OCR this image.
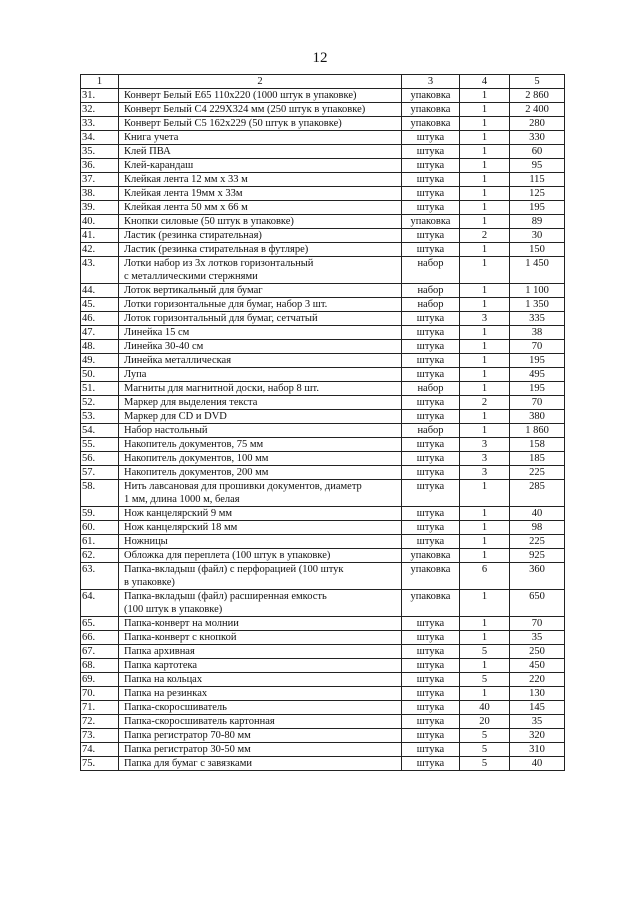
12
1	2	3	4	5

31.	Конверт Белый Е65 110х220 (1000 штук в упаковке)	упаковка	1	2 860

32.	Конверт Белый С4 229Х324 мм (250 штук в упаковке)	упаковка	1	2 400

33.	Конверт Белый С5 162х229 (50 штук в упаковке)	упаковка	1	280

34.	Книга учета	штука	1	330

35.	Клей ПВА	штука	1	60

36.	Клей-карандаш	штука	1	95

37.	Клейкая лента 12 мм х 33 м	штука	1	115

38.	Клейкая лента 19мм х 33м	штука	1	125

39.	Клейкая лента 50 мм х 66 м	штука	1	195

40.	Кнопки силовые (50 штук в упаковке)	упаковка	1	89

41.	Ластик (резинка стирательная)	штука	2	30

42.	Ластик (резинка стирательная в футляре)	штука	1	150

43.	Лотки набор из 3х лотков горизонтальный
с металлическими стержнями	набор	1	1 450

44.	Лоток вертикальный для бумаг	набор	1	1 100

45.	Лотки горизонтальные для бумаг, набор 3 шт.	набор	1	1 350

46.	Лоток горизонтальный для бумаг, сетчатый	штука	3	335

47.	Линейка 15 см	штука	1	38

48.	Линейка 30-40 см	штука	1	70

49.	Линейка металлическая	штука	1	195

50.	Лупа	штука	1	495

51.	Магниты для магнитной доски, набор 8 шт.	набор	1	195

52.	Маркер для выделения текста	штука	2	70

53.	Маркер для CD и DVD	штука	1	380

54.	Набор настольный	набор	1	1 860

55.	Накопитель документов, 75 мм	штука	3	158

56.	Накопитель документов, 100 мм	штука	3	185

57.	Накопитель документов, 200 мм	штука	3	225

58.	Нить лавсановая для прошивки документов, диаметр
1 мм, длина 1000 м, белая	штука	1	285

59.	Нож канцелярский 9 мм	штука	1	40

60.	Нож канцелярский 18 мм	штука	1	98

61.	Ножницы	штука	1	225

62.	Обложка для переплета (100 штук в упаковке)	упаковка	1	925

63.	Папка-вкладыш (файл) с перфорацией (100 штук
в упаковке)	упаковка	6	360

64.	Папка-вкладыш (файл) расширенная емкость
(100 штук в упаковке)	упаковка	1	650

65.	Папка-конверт на молнии	штука	1	70

66.	Папка-конверт с кнопкой	штука	1	35

67.	Папка архивная	штука	5	250

68.	Папка картотека	штука	1	450

69.	Папка на кольцах	штука	5	220

70.	Папка на резинках	штука	1	130

71.	Папка-скоросшиватель	штука	40	145

72.	Папка-скоросшиватель картонная	штука	20	35

73.	Папка регистратор 70-80 мм	штука	5	320

74.	Папка регистратор 30-50 мм	штука	5	310

75.	Папка для бумаг с завязками	штука	5	40
